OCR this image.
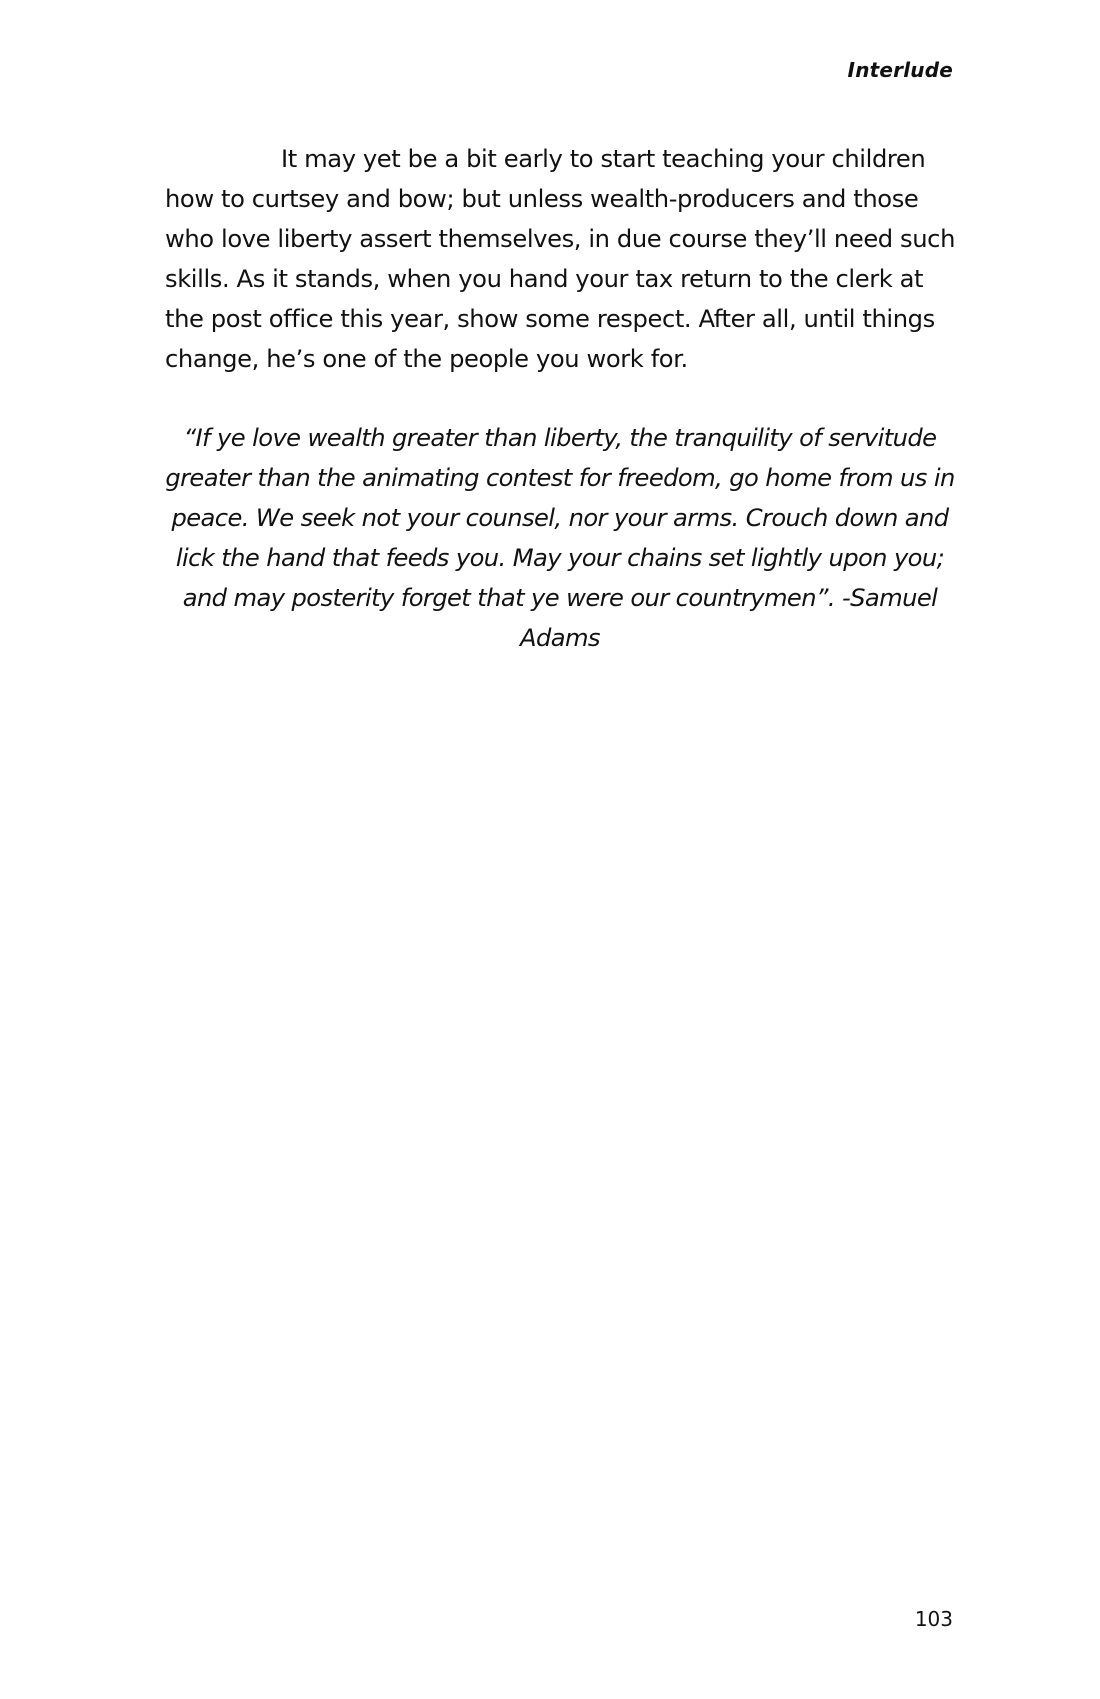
Interlude

It may yet be a bit early to start teaching your children how to curtsey and bow; but unless wealth-producers and those who love liberty assert themselves, in due course they’ll need such skills. As it stands, when you hand your tax return to the clerk at the post office this year, show some respect. After all, until things change, he’s one of the people you work for.

“If ye love wealth greater than liberty, the tranquility of servitude greater than the animating contest for freedom, go home from us in peace. We seek not your counsel, nor your arms. Crouch down and lick the hand that feeds you. May your chains set lightly upon you; and may posterity forget that ye were our countrymen”. -Samuel Adams

103
